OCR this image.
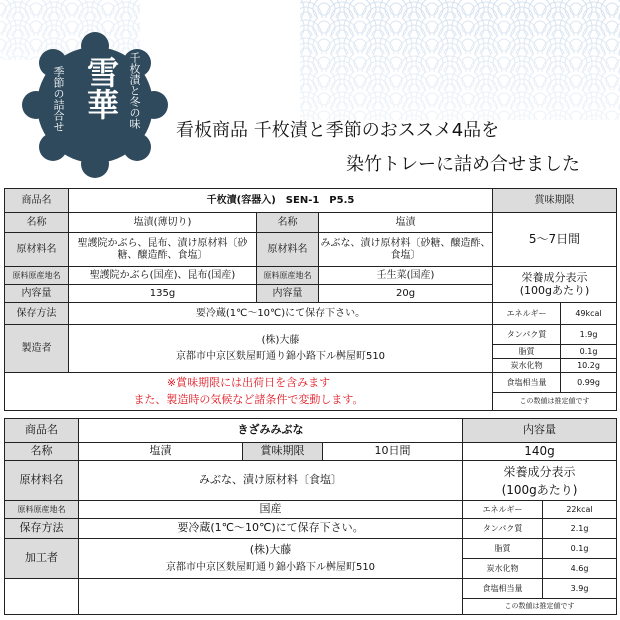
千枚漬と冬の味
雪華
季節の詰合せ	看板商品 千枚漬と季節のおススメ4品を
染竹トレーに詰め合せました
商品名	千枚漬(容器入)　SEN-1　P5.5			賞味期限	
名称	塩漬(薄切り)	名称	塩漬	5～7日間	
原材料名	聖護院かぶら、昆布、漬け原材料〔砂糖、醸造酢、食塩〕	原材料名	みぶな、漬け原材料〔砂糖、醸造酢、食塩〕		
原料原産地名	聖護院かぶら(国産)、昆布(国産)	原料原産地名	壬生菜(国産)	栄養成分表示
(100gあたり)	

内容量	135g	内容量	20g		
保存方法	要冷蔵(1℃～10℃)にて保存下さい。			エネルギー	49kcal
製造者	(株)大藤
京都市中京区麩屋町通り錦小路下ル桝屋町510			タンパク質	1.9g
				脂質	0.1g
				炭水化物	10.2g

※賞味期限には出荷日を含みます
また、製造時の気候など諸条件で変動します。				食塩相当量	0.99g
				この数値は推定値です	
商品名	きざみみぶな			内容量	
名称	塩漬	賞味期限	10日間	140g	
原材料名	みぶな、漬け原材料〔食塩〕			栄養成分表示
(100gあたり)	

原料原産地名	国産			エネルギー	22kcal
保存方法	要冷蔵(1℃～10℃)にて保存下さい。			タンパク質	2.1g
加工者	(株)大藤
京都市中京区麩屋町通り錦小路下ル桝屋町510			脂質	0.1g
				炭水化物	4.6g
				食塩相当量	3.9g
				この数値は推定値です	
